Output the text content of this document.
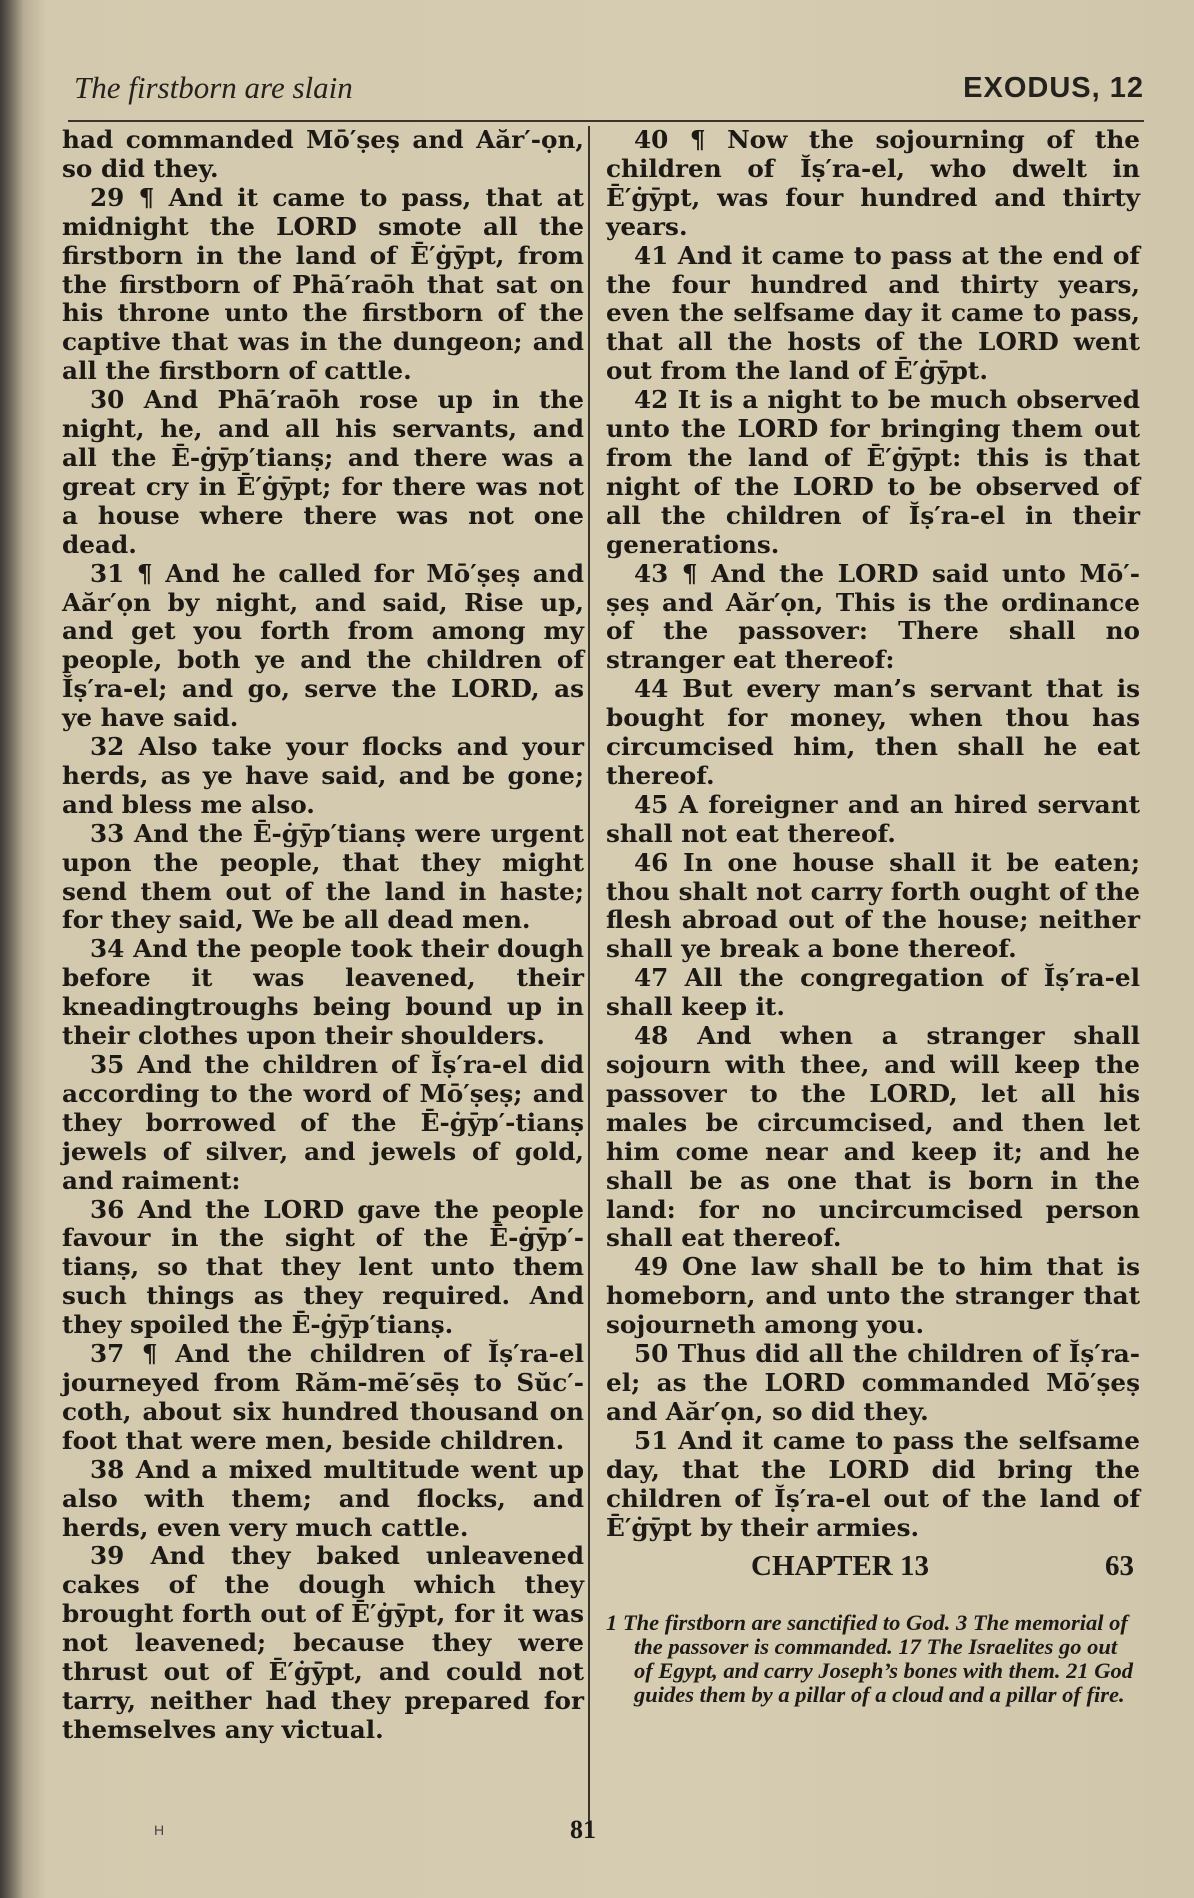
The firstborn are slain	EXODUS, 12

had commanded Mō′ṣeṣ and Aăr′-ọn, so did they.

29 ¶ And it came to pass, that at midnight the LORD smote all the firstborn in the land of Ē′ġȳpt, from the firstborn of Phā′raōh that sat on his throne unto the firstborn of the captive that was in the dungeon; and all the firstborn of cattle.

30 And Phā′raōh rose up in the night, he, and all his servants, and all the Ē-ġȳp′tianṣ; and there was a great cry in Ē′ġȳpt; for there was not a house where there was not one dead.

31 ¶ And he called for Mō′ṣeṣ and Aăr′ọn by night, and said, Rise up, and get you forth from among my people, both ye and the children of Ĭṣ′ra-el; and go, serve the LORD, as ye have said.

32 Also take your flocks and your herds, as ye have said, and be gone; and bless me also.

33 And the Ē-ġȳp′tianṣ were urgent upon the people, that they might send them out of the land in haste; for they said, We be all dead men.

34 And the people took their dough before it was leavened, their kneadingtroughs being bound up in their clothes upon their shoulders.

35 And the children of Ĭṣ′ra-el did according to the word of Mō′ṣeṣ; and they borrowed of the Ē-ġȳp′-tianṣ jewels of silver, and jewels of gold, and raiment:

36 And the LORD gave the people favour in the sight of the Ē-ġȳp′-tianṣ, so that they lent unto them such things as they required. And they spoiled the Ē-ġȳp′tianṣ.

37 ¶ And the children of Ĭṣ′ra-el journeyed from Răm-mē′sēṣ to Sŭc′-coth, about six hundred thousand on foot that were men, beside children.

38 And a mixed multitude went up also with them; and flocks, and herds, even very much cattle.

39 And they baked unleavened cakes of the dough which they brought forth out of Ē′ġȳpt, for it was not leavened; because they were thrust out of Ē′ġȳpt, and could not tarry, neither had they prepared for themselves any victual.

40 ¶ Now the sojourning of the children of Ĭṣ′ra-el, who dwelt in Ē′ġȳpt, was four hundred and thirty years.

41 And it came to pass at the end of the four hundred and thirty years, even the selfsame day it came to pass, that all the hosts of the LORD went out from the land of Ē′ġȳpt.

42 It is a night to be much observed unto the LORD for bringing them out from the land of Ē′ġȳpt: this is that night of the LORD to be observed of all the children of Ĭṣ′ra-el in their generations.

43 ¶ And the LORD said unto Mō′-ṣeṣ and Aăr′ọn, This is the ordinance of the passover: There shall no stranger eat thereof:

44 But every man’s servant that is bought for money, when thou has circumcised him, then shall he eat thereof.

45 A foreigner and an hired servant shall not eat thereof.

46 In one house shall it be eaten; thou shalt not carry forth ought of the flesh abroad out of the house; neither shall ye break a bone thereof.

47 All the congregation of Ĭṣ′ra-el shall keep it.

48 And when a stranger shall sojourn with thee, and will keep the passover to the LORD, let all his males be circumcised, and then let him come near and keep it; and he shall be as one that is born in the land: for no uncircumcised person shall eat thereof.

49 One law shall be to him that is homeborn, and unto the stranger that sojourneth among you.

50 Thus did all the children of Ĭṣ′ra-el; as the LORD commanded Mō′ṣeṣ and Aăr′ọn, so did they.

51 And it came to pass the selfsame day, that the LORD did bring the children of Ĭṣ′ra-el out of the land of Ē′ġȳpt by their armies.

CHAPTER 13	63

1 The firstborn are sanctified to God. 3 The memorial of the passover is commanded. 17 The Israelites go out of Egypt, and carry Joseph’s bones with them. 21 God guides them by a pillar of a cloud and a pillar of fire.

H	81
